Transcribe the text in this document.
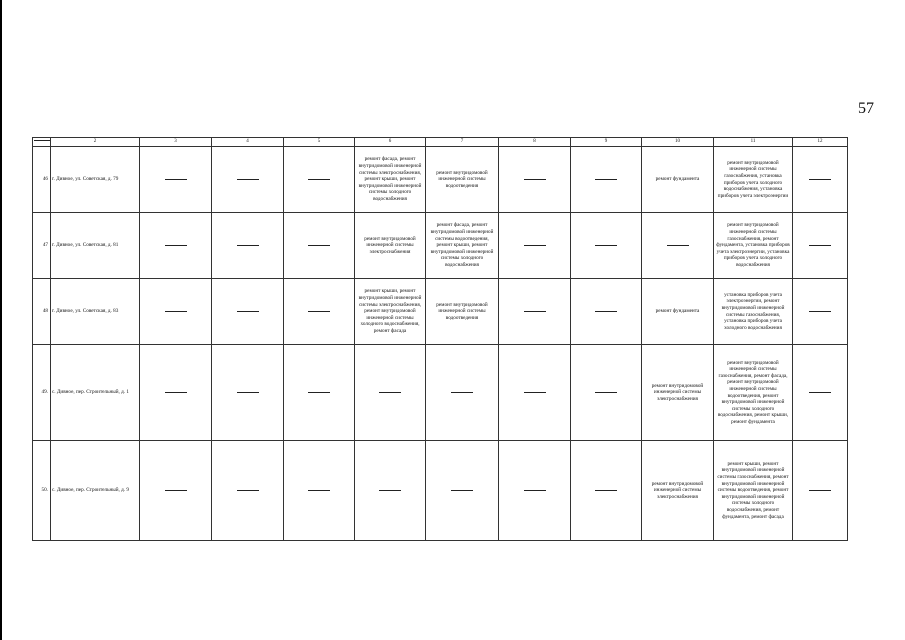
57
	2	3	4	5	6	7	8	9	10	11	12
46	г. Дивное, ул. Советская, д. 79				ремонт фасада, ремонт внутридомовой инженерной системы электроснабжения, ремонт крыши, ремонт внутридомовой инженерной системы холодного водоснабжения	ремонт внутридомовой инженерной системы водоотведения			ремонт фундамента	ремонт внутридомовой инженерной системы газоснабжения, установка приборов учета холодного водоснабжения, установка приборов учета электроэнергии	
47	г. Дивное, ул. Советская, д. 81				ремонт внутридомовой инженерной системы электроснабжения	ремонт фасада, ремонт внутридомовой инженерной системы водоотведения, ремонт крыши, ремонт внутридомовой инженерной системы холодного водоснабжения				ремонт внутридомовой инженерной системы газоснабжения, ремонт фундамента, установка приборов учета электроэнергии, установка приборов учета холодного водоснабжения	
48	г. Дивное, ул. Советская, д. 83				ремонт крыши, ремонт внутридомовой инженерной системы электроснабжения, ремонт внутридомовой инженерной системы холодного водоснабжения, ремонт фасада	ремонт внутридомовой инженерной системы водоотведения			ремонт фундамента	установка приборов учета электроэнергии, ремонт внутридомовой инженерной системы газоснабжения, установка приборов учета холодного водоснабжения	
49.	с. Дивное, пер. Строительный, д. 1								ремонт внутридомовой инженерной системы электроснабжения	ремонт внутридомовой инженерной системы газоснабжения, ремонт фасада, ремонт внутридомовой инженерной системы водоотведения, ремонт внутридомовой инженерной системы холодного водоснабжения, ремонт крыши, ремонт фундамента	
50.	с. Дивное, пер. Строительный, д. 9								ремонт внутридомовой инженерной системы электроснабжения	ремонт крыши, ремонт внутридомовой инженерной системы газоснабжения, ремонт внутридомовой инженерной системы водоотведения, ремонт внутридомовой инженерной системы холодного водоснабжения, ремонт фундамента, ремонт фасада	
